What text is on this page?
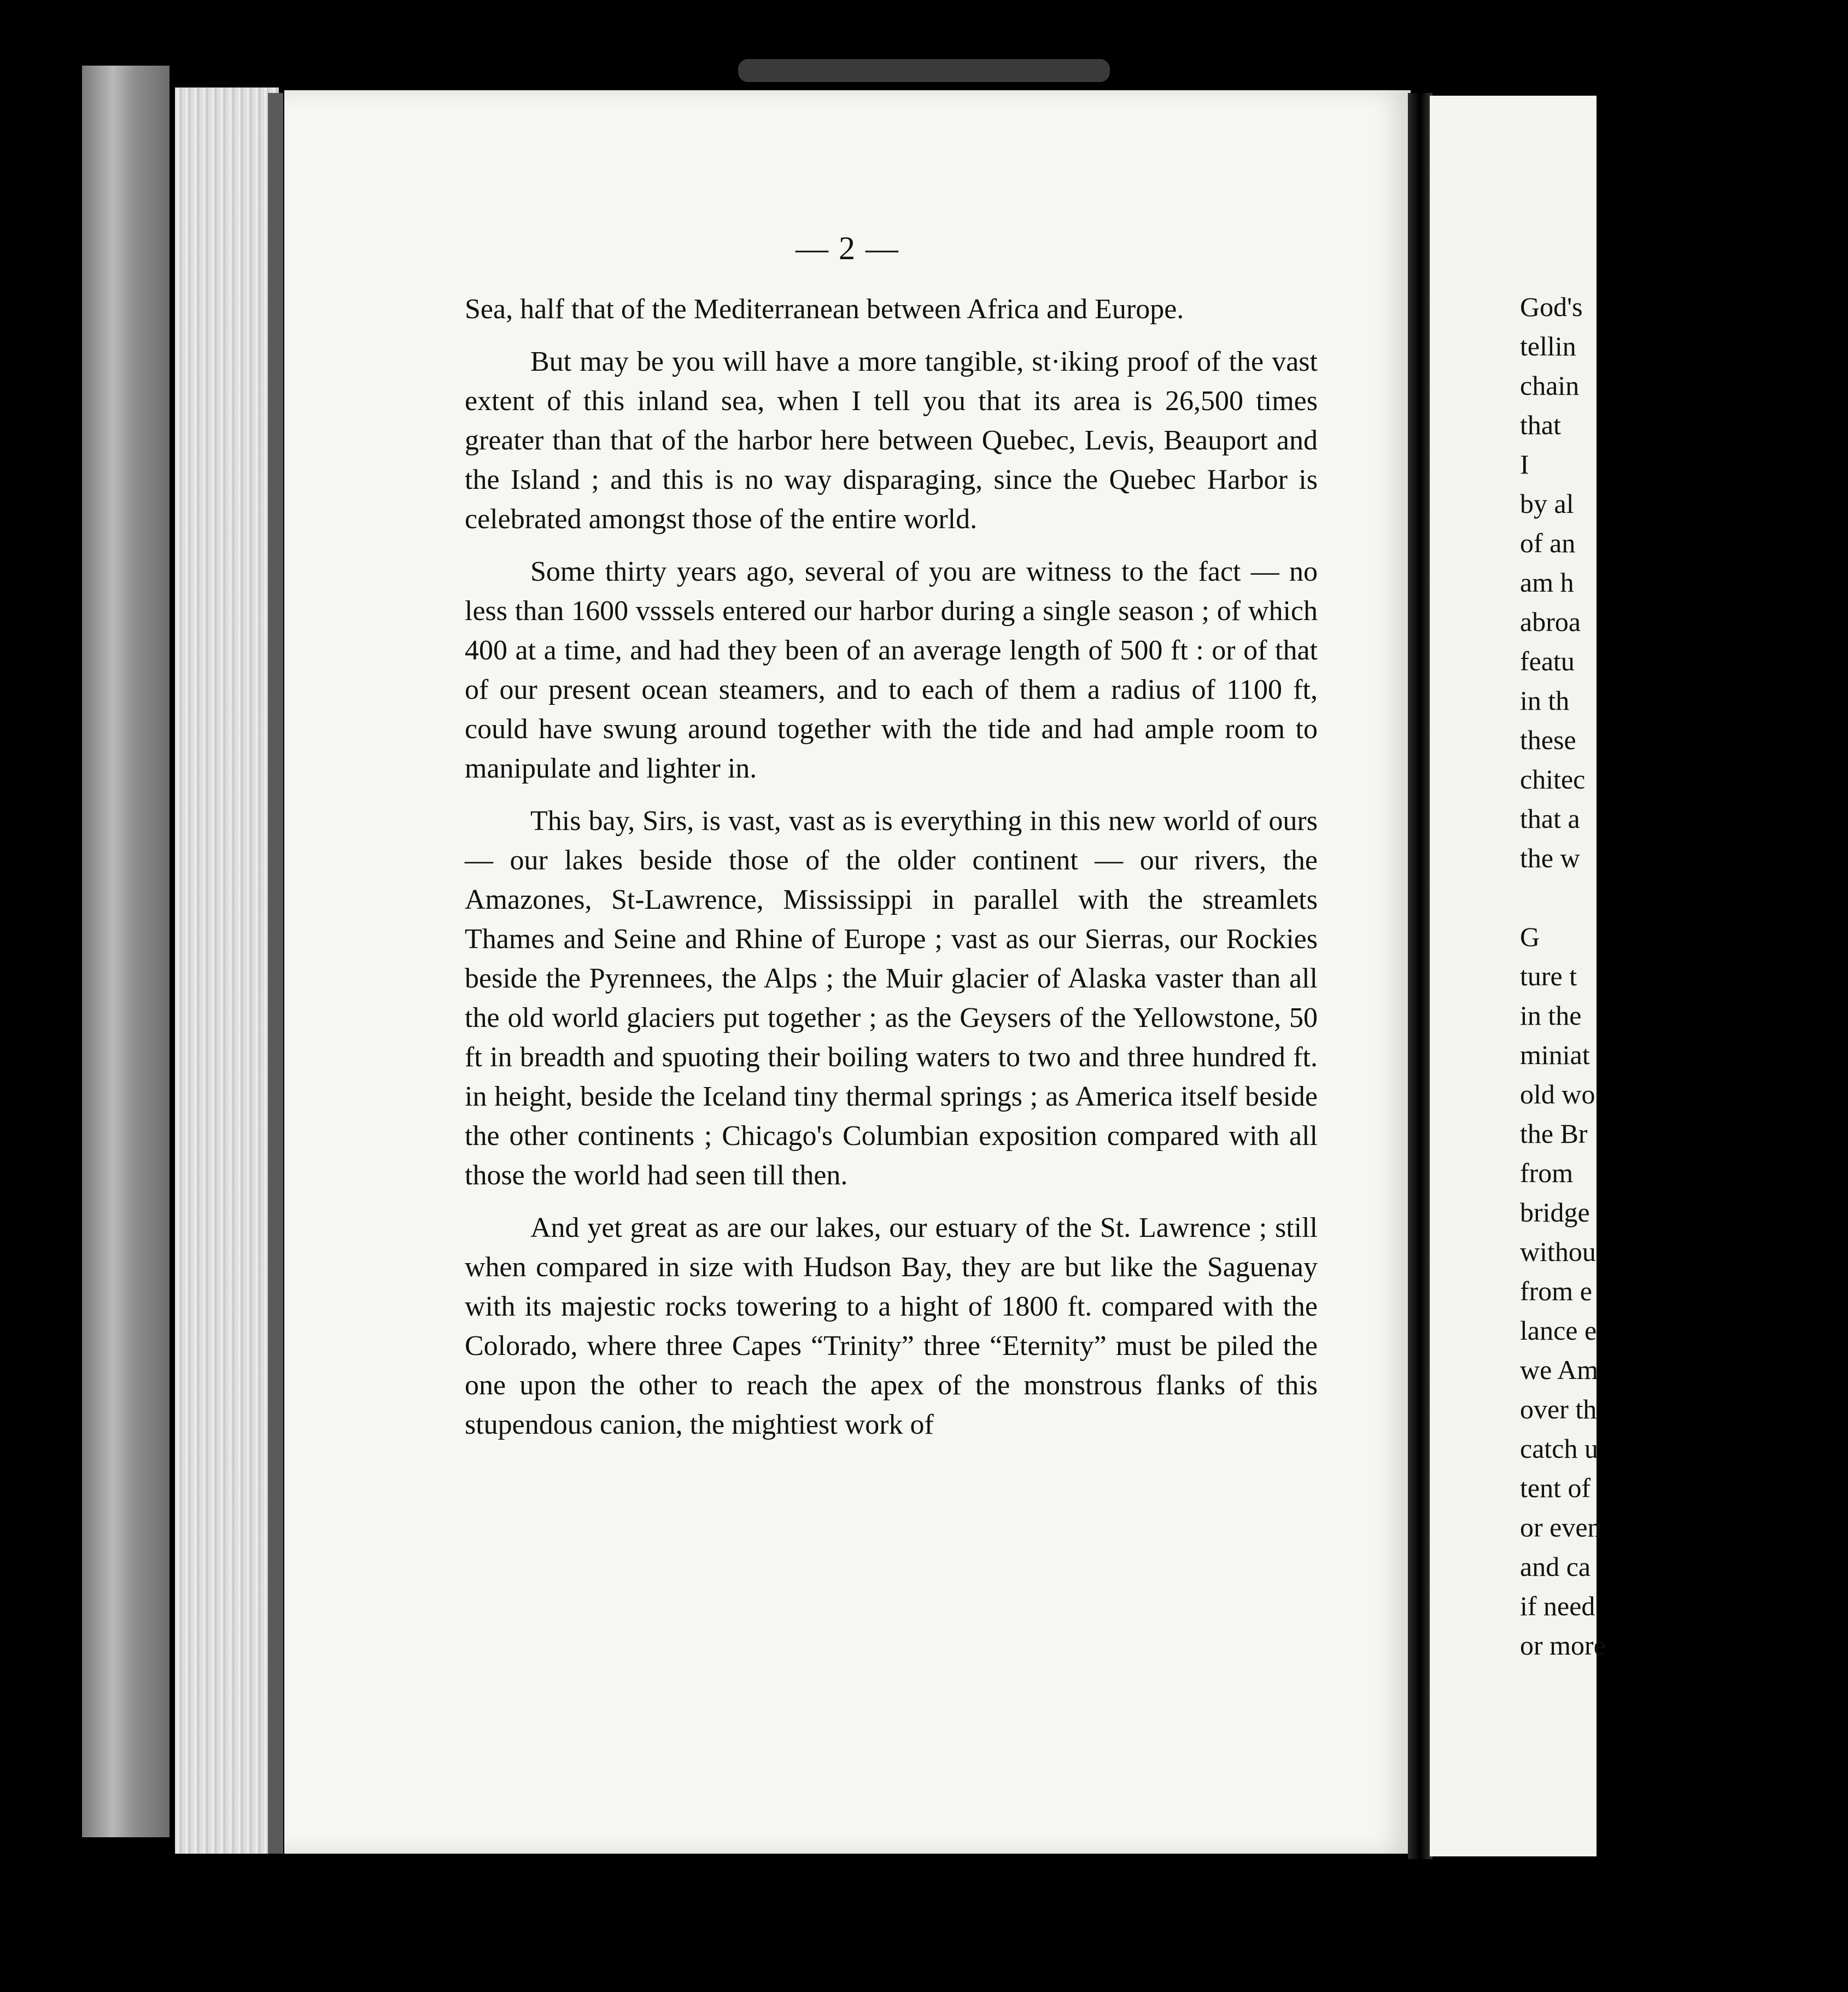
— 2 —

Sea, half that of the Mediterranean between Africa and Europe.

But may be you will have a more tangible, st·iking proof of the vast extent of this inland sea, when I tell you that its area is 26,500 times greater than that of the harbor here between Quebec, Levis, Beauport and the Island ; and this is no way disparaging, since the Quebec Harbor is celebrated amongst those of the entire world.

Some thirty years ago, several of you are witness to the fact — no less than 1600 vsssels entered our harbor during a single season ; of which 400 at a time, and had they been of an average length of 500 ft : or of that of our present ocean steamers, and to each of them a radius of 1100 ft, could have swung around together with the tide and had ample room to manipulate and lighter in.

This bay, Sirs, is vast, vast as is everything in this new world of ours — our lakes beside those of the older continent — our rivers, the Amazones, St-Lawrence, Mississippi in parallel with the streamlets Thames and Seine and Rhine of Europe ; vast as our Sierras, our Rockies beside the Pyrennees, the Alps ; the Muir glacier of Alaska vaster than all the old world glaciers put together ; as the Geysers of the Yellowstone, 50 ft in breadth and spuoting their boiling waters to two and three hundred ft. in height, beside the Iceland tiny thermal springs ; as America itself beside the other continents ; Chicago's Columbian exposition compared with all those the world had seen till then.

And yet great as are our lakes, our estuary of the St. Lawrence ; still when compared in size with Hudson Bay, they are but like the Saguenay with its majestic rocks towering to a hight of 1800 ft. compared with the Colorado, where three Capes “Trinity” three “Eternity” must be piled the one upon the other to reach the apex of the monstrous flanks of this stupendous canion, the mightiest work of

God's
tellin
chain
that
I
by al
of an
am h
abroa
featu
in th
these
chitec
that a
the w
G
ture t
in the
miniat
old wo
the Br
from
bridge
withou
from e
lance e
we Am
over th
catch u
tent of
or even
and ca
if need
or more
